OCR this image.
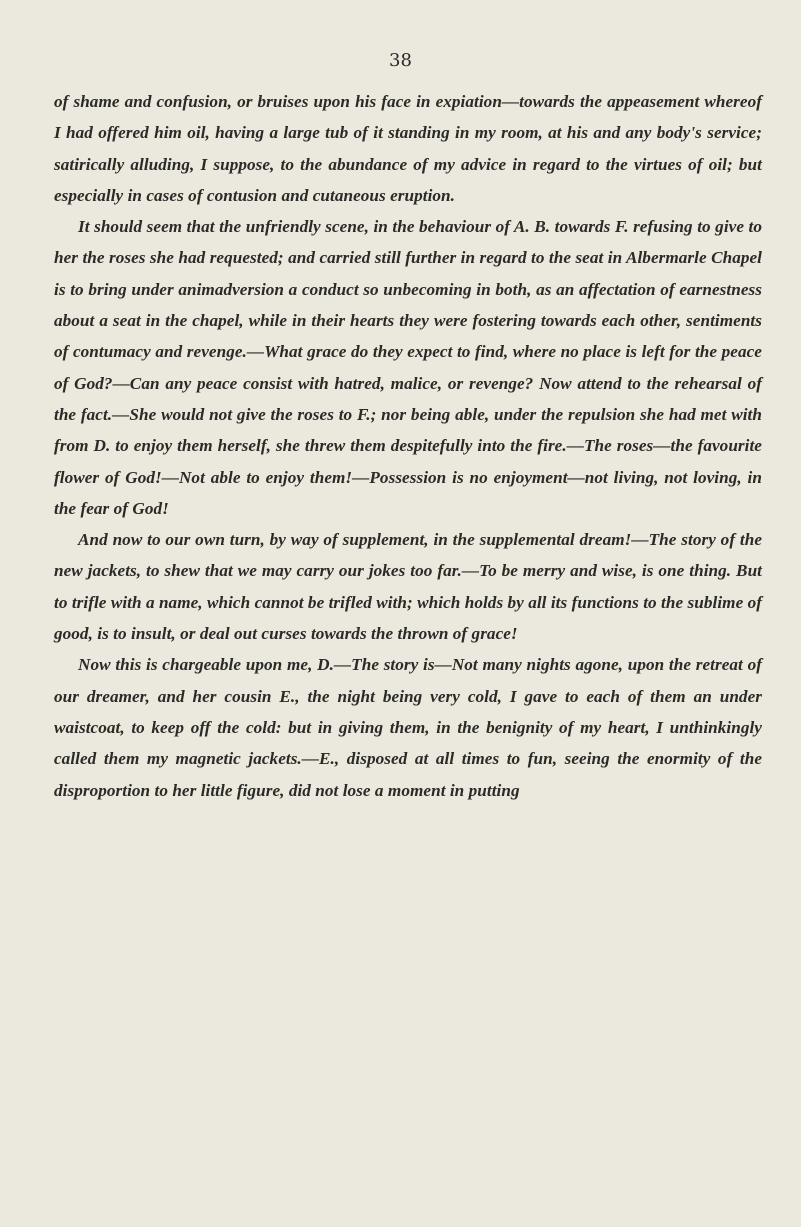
38

of shame and confusion, or bruises upon his face in expiation—towards the appeasement whereof I had offered him oil, having a large tub of it standing in my room, at his and any body's service; satirically alluding, I suppose, to the abundance of my advice in regard to the virtues of oil; but especially in cases of contusion and cutaneous eruption.

It should seem that the unfriendly scene, in the behaviour of A. B. towards F. refusing to give to her the roses she had requested; and carried still further in regard to the seat in Albermarle Chapel is to bring under animadversion a conduct so unbecoming in both, as an affectation of earnestness about a seat in the chapel, while in their hearts they were fostering towards each other, sentiments of contumacy and revenge.—What grace do they expect to find, where no place is left for the peace of God?—Can any peace consist with hatred, malice, or revenge? Now attend to the rehearsal of the fact.—She would not give the roses to F.; nor being able, under the repulsion she had met with from D. to enjoy them herself, she threw them despitefully into the fire.—The roses—the favourite flower of God!—Not able to enjoy them!—Possession is no enjoyment—not living, not loving, in the fear of God!

And now to our own turn, by way of supplement, in the supplemental dream!—The story of the new jackets, to shew that we may carry our jokes too far.—To be merry and wise, is one thing. But to trifle with a name, which cannot be trifled with; which holds by all its functions to the sublime of good, is to insult, or deal out curses towards the thrown of grace!

Now this is chargeable upon me, D.—The story is—Not many nights agone, upon the retreat of our dreamer, and her cousin E., the night being very cold, I gave to each of them an under waistcoat, to keep off the cold: but in giving them, in the benignity of my heart, I unthinkingly called them my magnetic jackets.—E., disposed at all times to fun, seeing the enormity of the disproportion to her little figure, did not lose a moment in putting
